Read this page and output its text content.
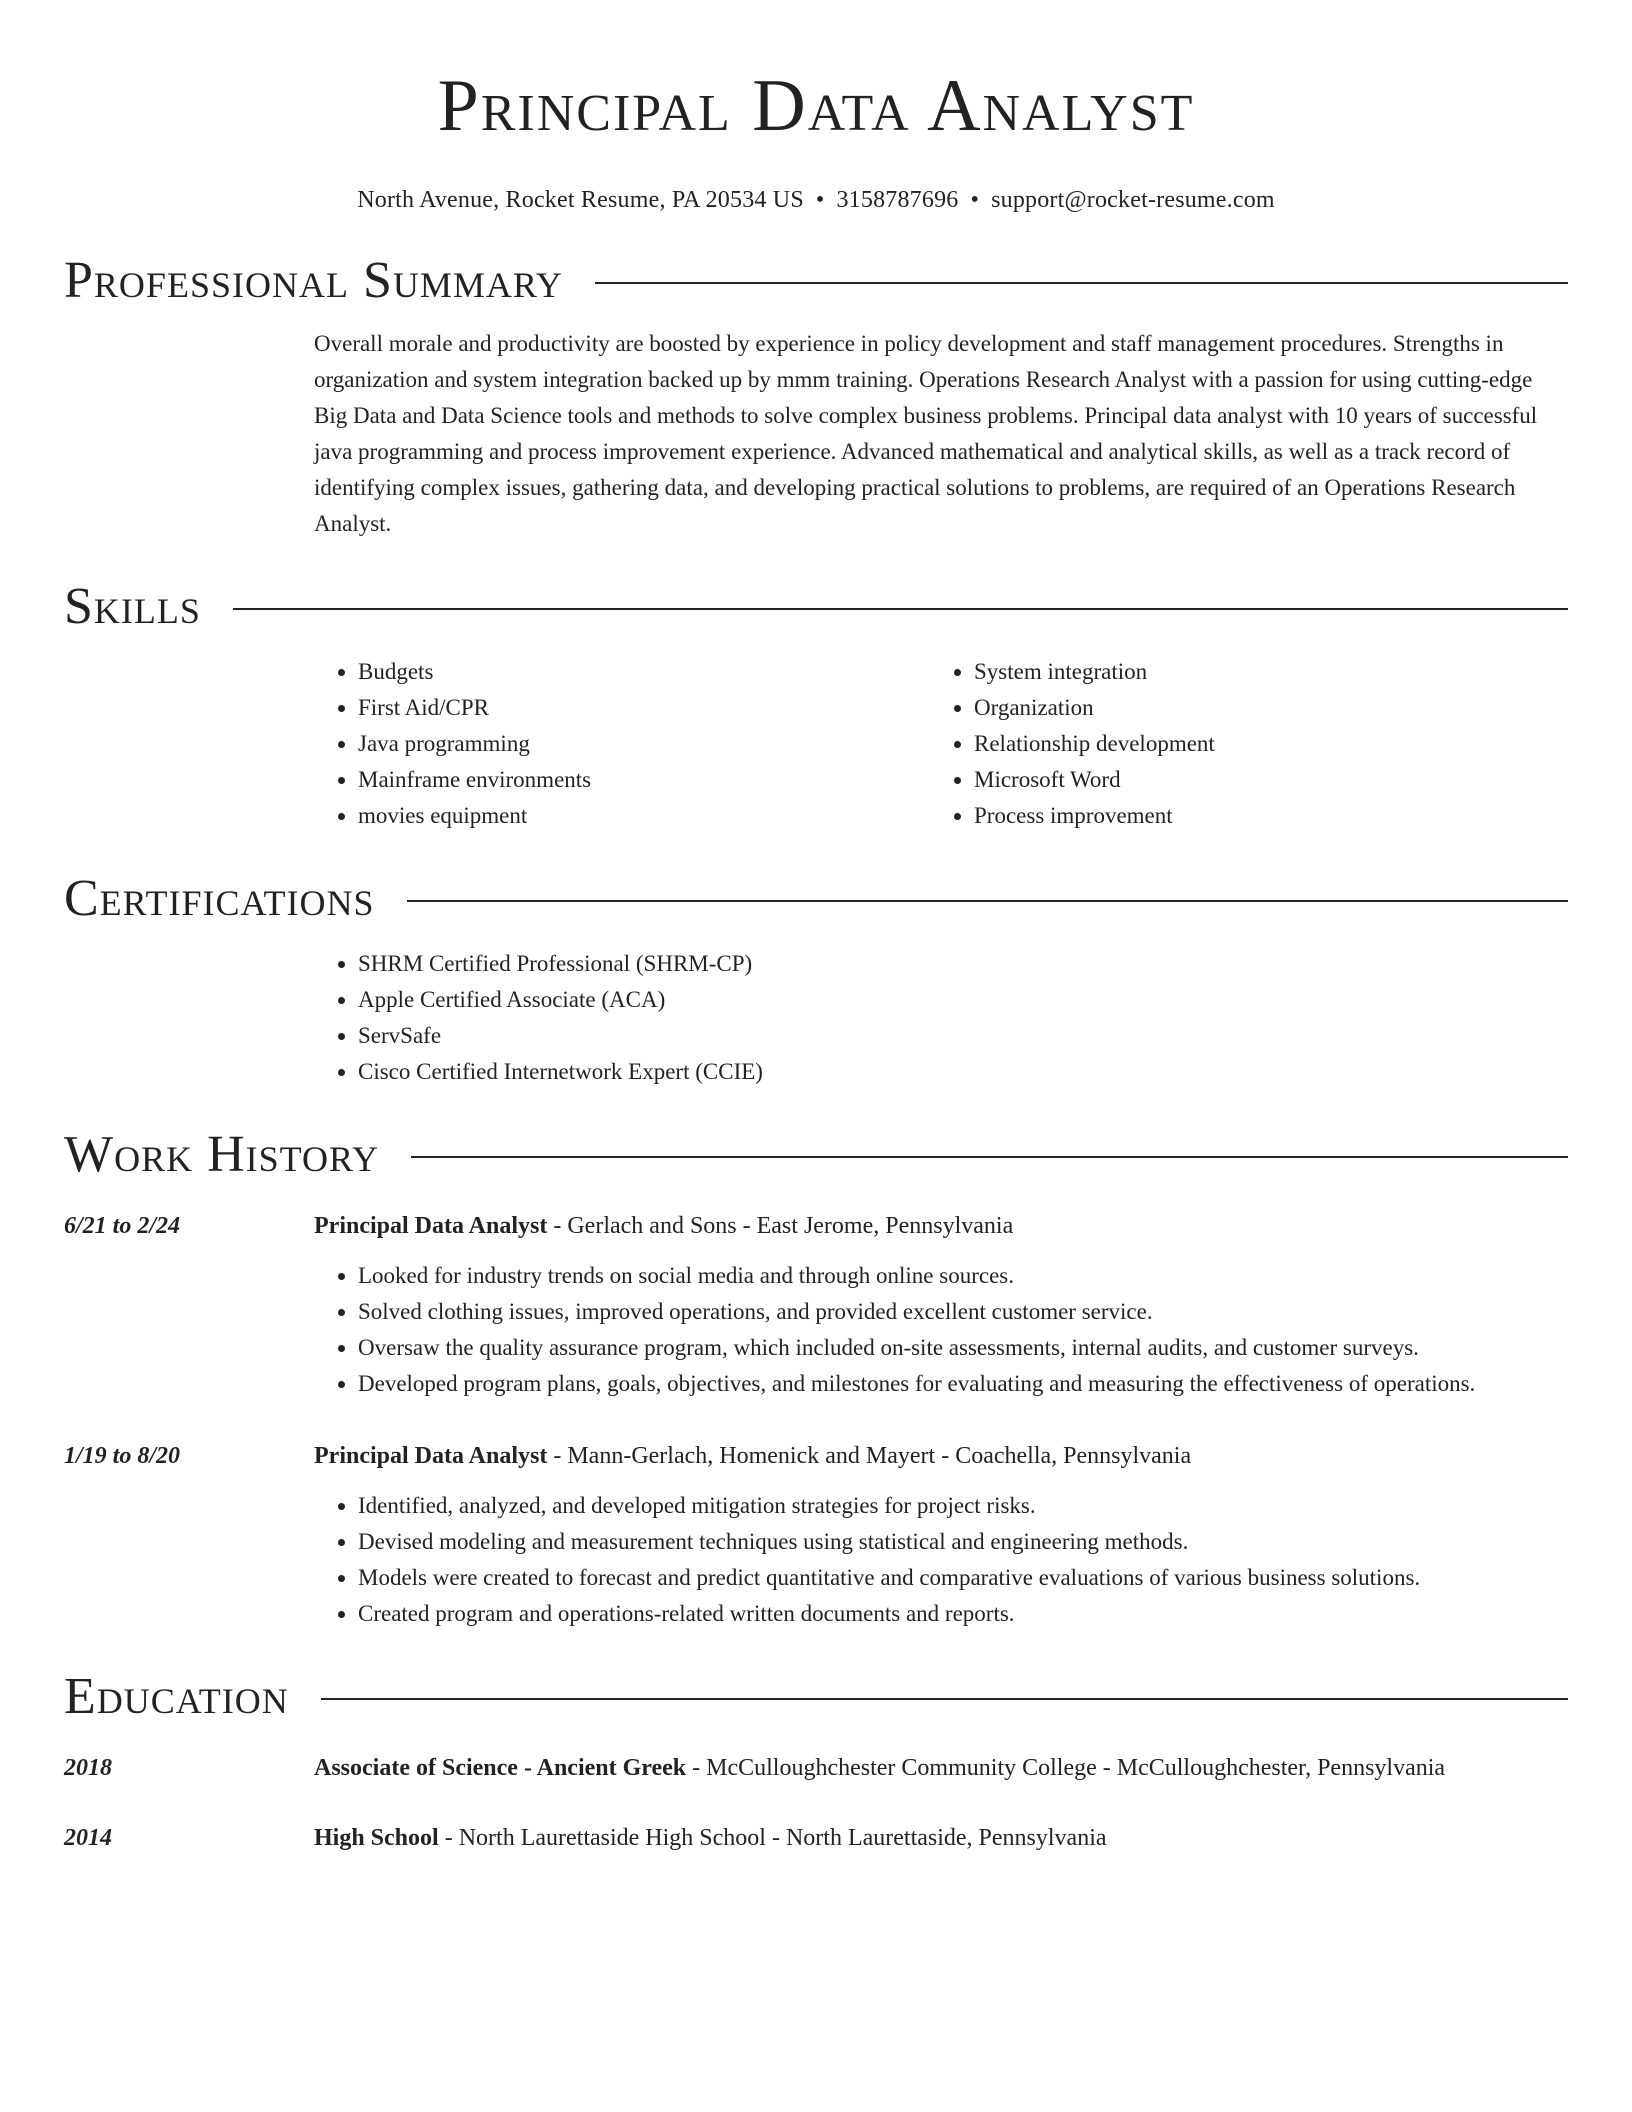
Principal Data Analyst
North Avenue, Rocket Resume, PA 20534 US • 3158787696 • support@rocket-resume.com
Professional Summary
Overall morale and productivity are boosted by experience in policy development and staff management procedures. Strengths in organization and system integration backed up by mmm training. Operations Research Analyst with a passion for using cutting-edge Big Data and Data Science tools and methods to solve complex business problems. Principal data analyst with 10 years of successful java programming and process improvement experience. Advanced mathematical and analytical skills, as well as a track record of identifying complex issues, gathering data, and developing practical solutions to problems, are required of an Operations Research Analyst.
Skills
• Budgets
• First Aid/CPR
• Java programming
• Mainframe environments
• movies equipment
• System integration
• Organization
• Relationship development
• Microsoft Word
• Process improvement
Certifications
• SHRM Certified Professional (SHRM-CP)
• Apple Certified Associate (ACA)
• ServSafe
• Cisco Certified Internetwork Expert (CCIE)
Work History
6/21 to 2/24	Principal Data Analyst - Gerlach and Sons - East Jerome, Pennsylvania
• Looked for industry trends on social media and through online sources.
• Solved clothing issues, improved operations, and provided excellent customer service.
• Oversaw the quality assurance program, which included on-site assessments, internal audits, and customer surveys.
• Developed program plans, goals, objectives, and milestones for evaluating and measuring the effectiveness of operations.
1/19 to 8/20	Principal Data Analyst - Mann-Gerlach, Homenick and Mayert - Coachella, Pennsylvania
• Identified, analyzed, and developed mitigation strategies for project risks.
• Devised modeling and measurement techniques using statistical and engineering methods.
• Models were created to forecast and predict quantitative and comparative evaluations of various business solutions.
• Created program and operations-related written documents and reports.
Education
2018	Associate of Science - Ancient Greek - McCulloughchester Community College - McCulloughchester, Pennsylvania
2014	High School - North Laurettaside High School - North Laurettaside, Pennsylvania
